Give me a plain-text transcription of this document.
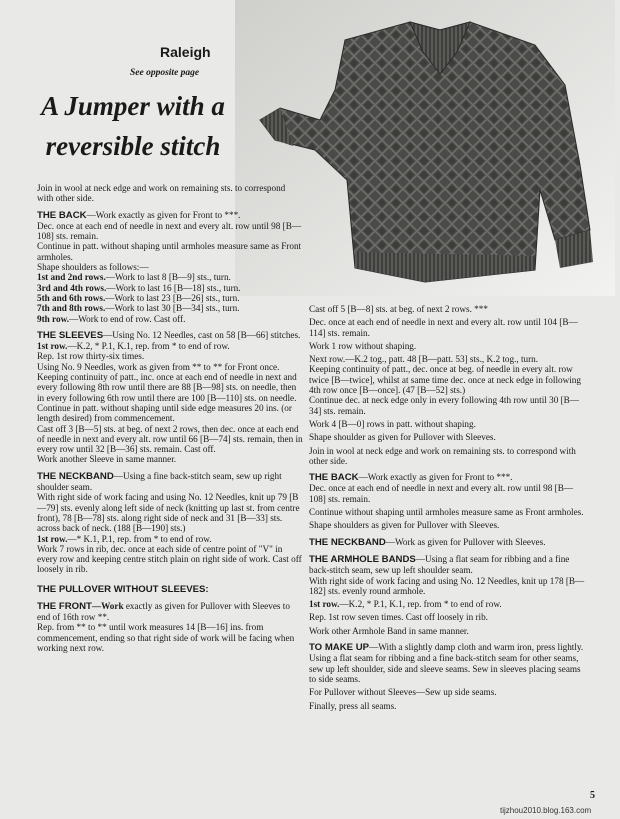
Raleigh
See opposite page
A Jumper with a
reversible stitch

Join in wool at neck edge and work on remaining sts. to correspond with other side.

THE BACK—Work exactly as given for Front to ***.

Dec. once at each end of needle in next and every alt. row until 98 [B—108] sts. remain.

Continue in patt. without shaping until armholes measure same as Front armholes.

Shape shoulders as follows:—

1st and 2nd rows.—Work to last 8 [B—9] sts., turn.

3rd and 4th rows.—Work to last 16 [B—18] sts., turn.

5th and 6th rows.—Work to last 23 [B—26] sts., turn.

7th and 8th rows.—Work to last 30 [B—34] sts., turn.

9th row.—Work to end of row. Cast off.

THE SLEEVES—Using No. 12 Needles, cast on 58 [B—66] stitches.

1st row.—K.2, * P.1, K.1, rep. from * to end of row.

Rep. 1st row thirty-six times.

Using No. 9 Needles, work as given from ** to ** for Front once.

Keeping continuity of patt., inc. once at each end of needle in next and every following 8th row until there are 88 [B—98] sts. on needle, then in every following 6th row until there are 100 [B—110] sts. on needle.

Continue in patt. without shaping until side edge measures 20 ins. (or length desired) from commencement.

Cast off 3 [B—5] sts. at beg. of next 2 rows, then dec. once at each end of needle in next and every alt. row until 66 [B—74] sts. remain, then in every row until 32 [B—36] sts. remain. Cast off.

Work another Sleeve in same manner.

THE NECKBAND—Using a fine back-stitch seam, sew up right shoulder seam.

With right side of work facing and using No. 12 Needles, knit up 79 [B—79] sts. evenly along left side of neck (knitting up last st. from centre front), 78 [B—78] sts. along right side of neck and 31 [B—33] sts. across back of neck. (188 [B—190] sts.)

1st row.—* K.1, P.1, rep. from * to end of row.

Work 7 rows in rib, dec. once at each side of centre point of "V" in every row and keeping centre stitch plain on right side of work. Cast off loosely in rib.

THE PULLOVER WITHOUT SLEEVES:

THE FRONT—Work exactly as given for Pullover with Sleeves to end of 16th row **.

Rep. from ** to ** until work measures 14 [B—16] ins. from commencement, ending so that right side of work will be facing when working next row.

Cast off 5 [B—8] sts. at beg. of next 2 rows. ***

Dec. once at each end of needle in next and every alt. row until 104 [B—114] sts. remain.

Work 1 row without shaping.

Next row.—K.2 tog., patt. 48 [B—patt. 53] sts., K.2 tog., turn.

Keeping continuity of patt., dec. once at beg. of needle in every alt. row twice [B—twice], whilst at same time dec. once at neck edge in following 4th row once [B—once]. (47 [B—52] sts.)

Continue dec. at neck edge only in every following 4th row until 30 [B—34] sts. remain.

Work 4 [B—0] rows in patt. without shaping.

Shape shoulder as given for Pullover with Sleeves.

Join in wool at neck edge and work on remaining sts. to correspond with other side.

THE BACK—Work exactly as given for Front to ***.

Dec. once at each end of needle in next and every alt. row until 98 [B—108] sts. remain.

Continue without shaping until armholes measure same as Front armholes.

Shape shoulders as given for Pullover with Sleeves.

THE NECKBAND—Work as given for Pullover with Sleeves.

THE ARMHOLE BANDS—Using a flat seam for ribbing and a fine back-stitch seam, sew up left shoulder seam.

With right side of work facing and using No. 12 Needles, knit up 178 [B—182] sts. evenly round armhole.

1st row.—K.2, * P.1, K.1, rep. from * to end of row.

Rep. 1st row seven times. Cast off loosely in rib.

Work other Armhole Band in same manner.

TO MAKE UP—With a slightly damp cloth and warm iron, press lightly. Using a flat seam for ribbing and a fine back-stitch seam for other seams, sew up left shoulder, side and sleeve seams. Sew in sleeves placing seams to side seams.

For Pullover without Sleeves—Sew up side seams.

Finally, press all seams.

5
tijzhou2010.blog.163.com
